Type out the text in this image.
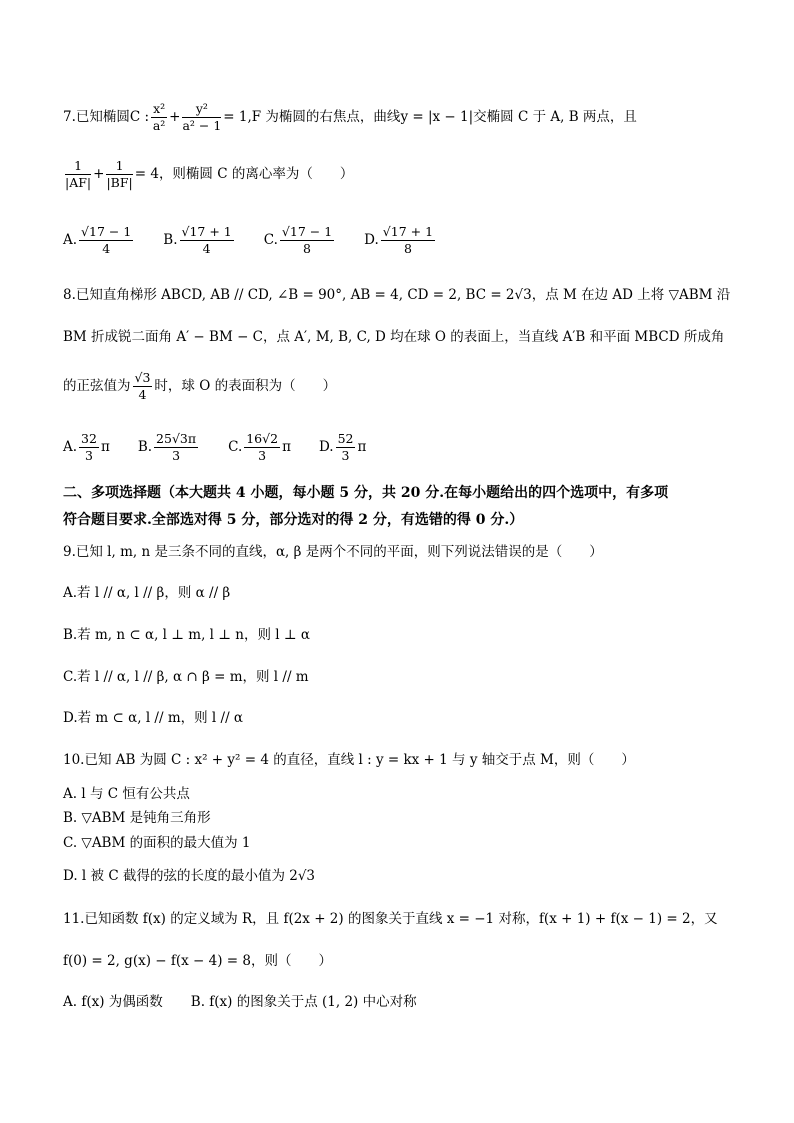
7.已知椭圆C : $\frac{\text{x²}}{\text{a²}} + \frac{\text{y²}}{\text{a² − 1}} = 1,F$ 为椭圆的右焦点，曲线y = |x − 1|交椭圆 C 于 A, B 两点，且
$\frac{1}{|AF|} + \frac{1}{|BF|} = 4$，则椭圆 C 的离心率为（　　）
A. $\frac{√17 - 1}{4} B$. $\frac{√17 + 1}{4} C$. $\frac{√17 - 1}{8} D$. $\frac{√17 + 1}{8}$
8.已知直角梯形 ABCD, AB // CD, ∠B = 90°, AB = 4, CD = 2, BC = 2√3，点 M 在边 AD 上将 ▽ABM 沿
BM 折成锐二面角 A′ − BM − C，点 A′, M, B, C, D 均在球 O 的表面上，当直线 A′B 和平面 MBCD 所成角
的正弦值为 $\frac{√3}{4}$ 时，球 O 的表面积为（　　）
A. $\frac{32}{3}$ π B. $\frac{25√3\pi}{3} C$. $\frac{16√2}{3}$ π D. $\frac{52}{3}$ π
二、多项选择题（本大题共 4 小题，每小题 5 分，共 20 分.在每小题给出的四个选项中，有多项
符合题目要求.全部选对得 5 分，部分选对的得 2 分，有选错的得 0 分.）
9.已知 l, m, n 是三条不同的直线，α, β 是两个不同的平面，则下列说法错误的是（　　）
A.若 l // α, l // β，则 α // β
B.若 m, n ⊂ α, l ⊥ m, l ⊥ n，则 l ⊥ α
C.若 l // α, l // β, α ∩ β = m，则 l // m
D.若 m ⊂ α, l // m，则 l // α
10.已知 AB 为圆 C : x² + y² = 4 的直径，直线 l : y = kx + 1 与 y 轴交于点 M，则（　　）
A. l 与 C 恒有公共点
B. ▽ABM 是钝角三角形
C. ▽ABM 的面积的最大值为 1
D. l 被 C 截得的弦的长度的最小值为 2√3
11.已知函数 f(x) 的定义域为 R，且 f(2x + 2) 的图象关于直线 x = −1 对称，f(x + 1) + f(x − 1) = 2，又
f(0) = 2, g(x) − f(x − 4) = 8，则（　　）
A. f(x) 为偶函数 B. f(x) 的图象关于点 (1, 2) 中心对称
